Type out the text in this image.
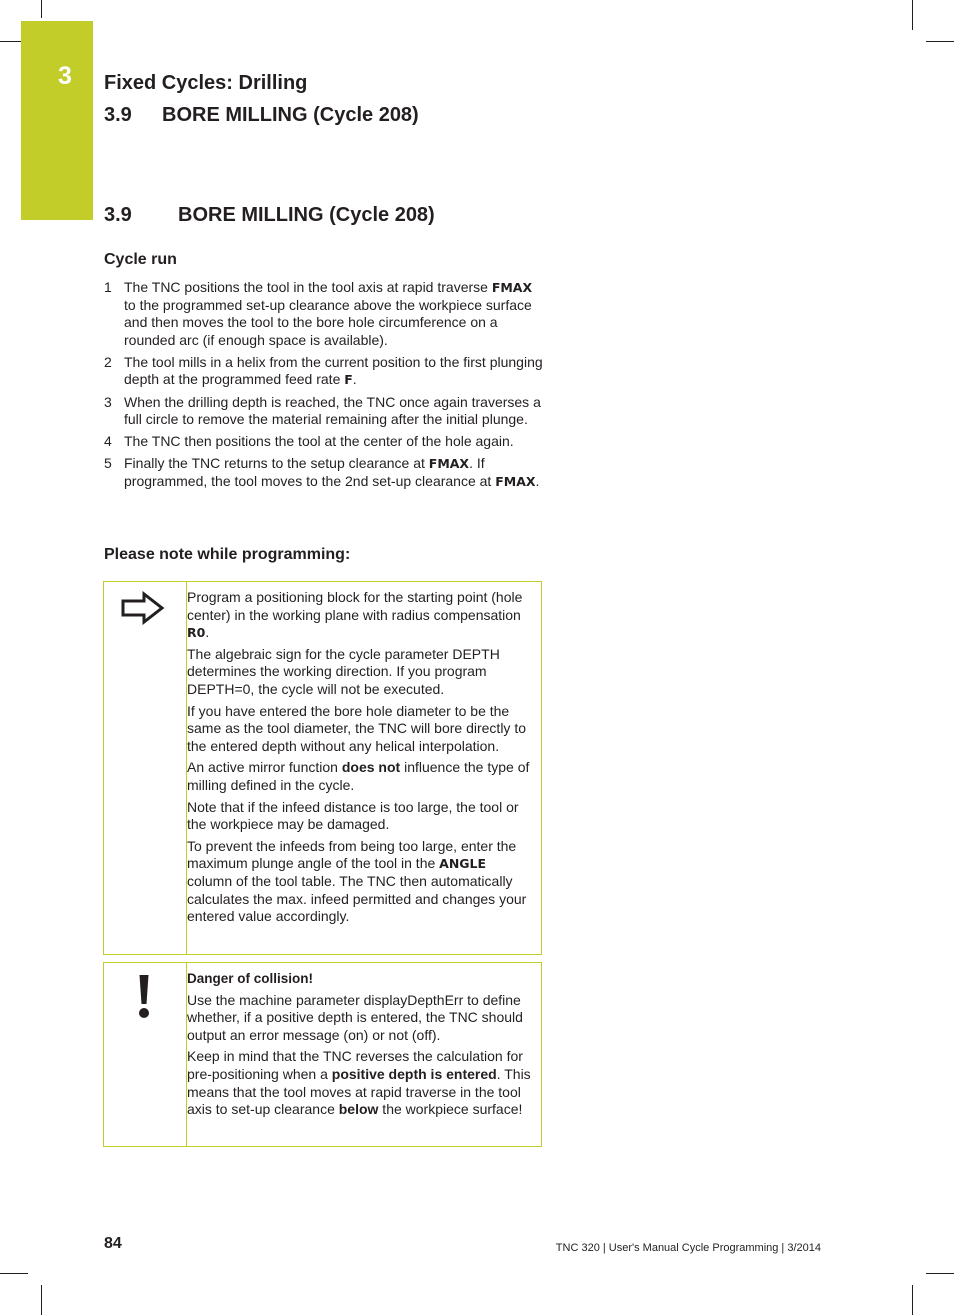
3	Fixed Cycles: Drilling
3.9 BORE MILLING (Cycle 208)
3.9 BORE MILLING (Cycle 208)
Cycle run
1 The TNC positions the tool in the tool axis at rapid traverse FMAX to the programmed set-up clearance above the workpiece surface and then moves the tool to the bore hole circumference on a rounded arc (if enough space is available).
2 The tool mills in a helix from the current position to the first plunging depth at the programmed feed rate F.
3 When the drilling depth is reached, the TNC once again traverses a full circle to remove the material remaining after the initial plunge.
4 The TNC then positions the tool at the center of the hole again.
5 Finally the TNC returns to the setup clearance at FMAX. If programmed, the tool moves to the 2nd set-up clearance at FMAX.
Please note while programming:

Program a positioning block for the starting point (hole center) in the working plane with radius compensation R0.

The algebraic sign for the cycle parameter DEPTH determines the working direction. If you program DEPTH=0, the cycle will not be executed.

If you have entered the bore hole diameter to be the same as the tool diameter, the TNC will bore directly to the entered depth without any helical interpolation.

An active mirror function does not influence the type of milling defined in the cycle.

Note that if the infeed distance is too large, the tool or the workpiece may be damaged.

To prevent the infeeds from being too large, enter the maximum plunge angle of the tool in the ANGLE column of the tool table. The TNC then automatically calculates the max. infeed permitted and changes your entered value accordingly.

Danger of collision!

Use the machine parameter displayDepthErr to define whether, if a positive depth is entered, the TNC should output an error message (on) or not (off).

Keep in mind that the TNC reverses the calculation for pre-positioning when a positive depth is entered. This means that the tool moves at rapid traverse in the tool axis to set-up clearance below the workpiece surface!

84	TNC 320 | User's Manual Cycle Programming | 3/2014
